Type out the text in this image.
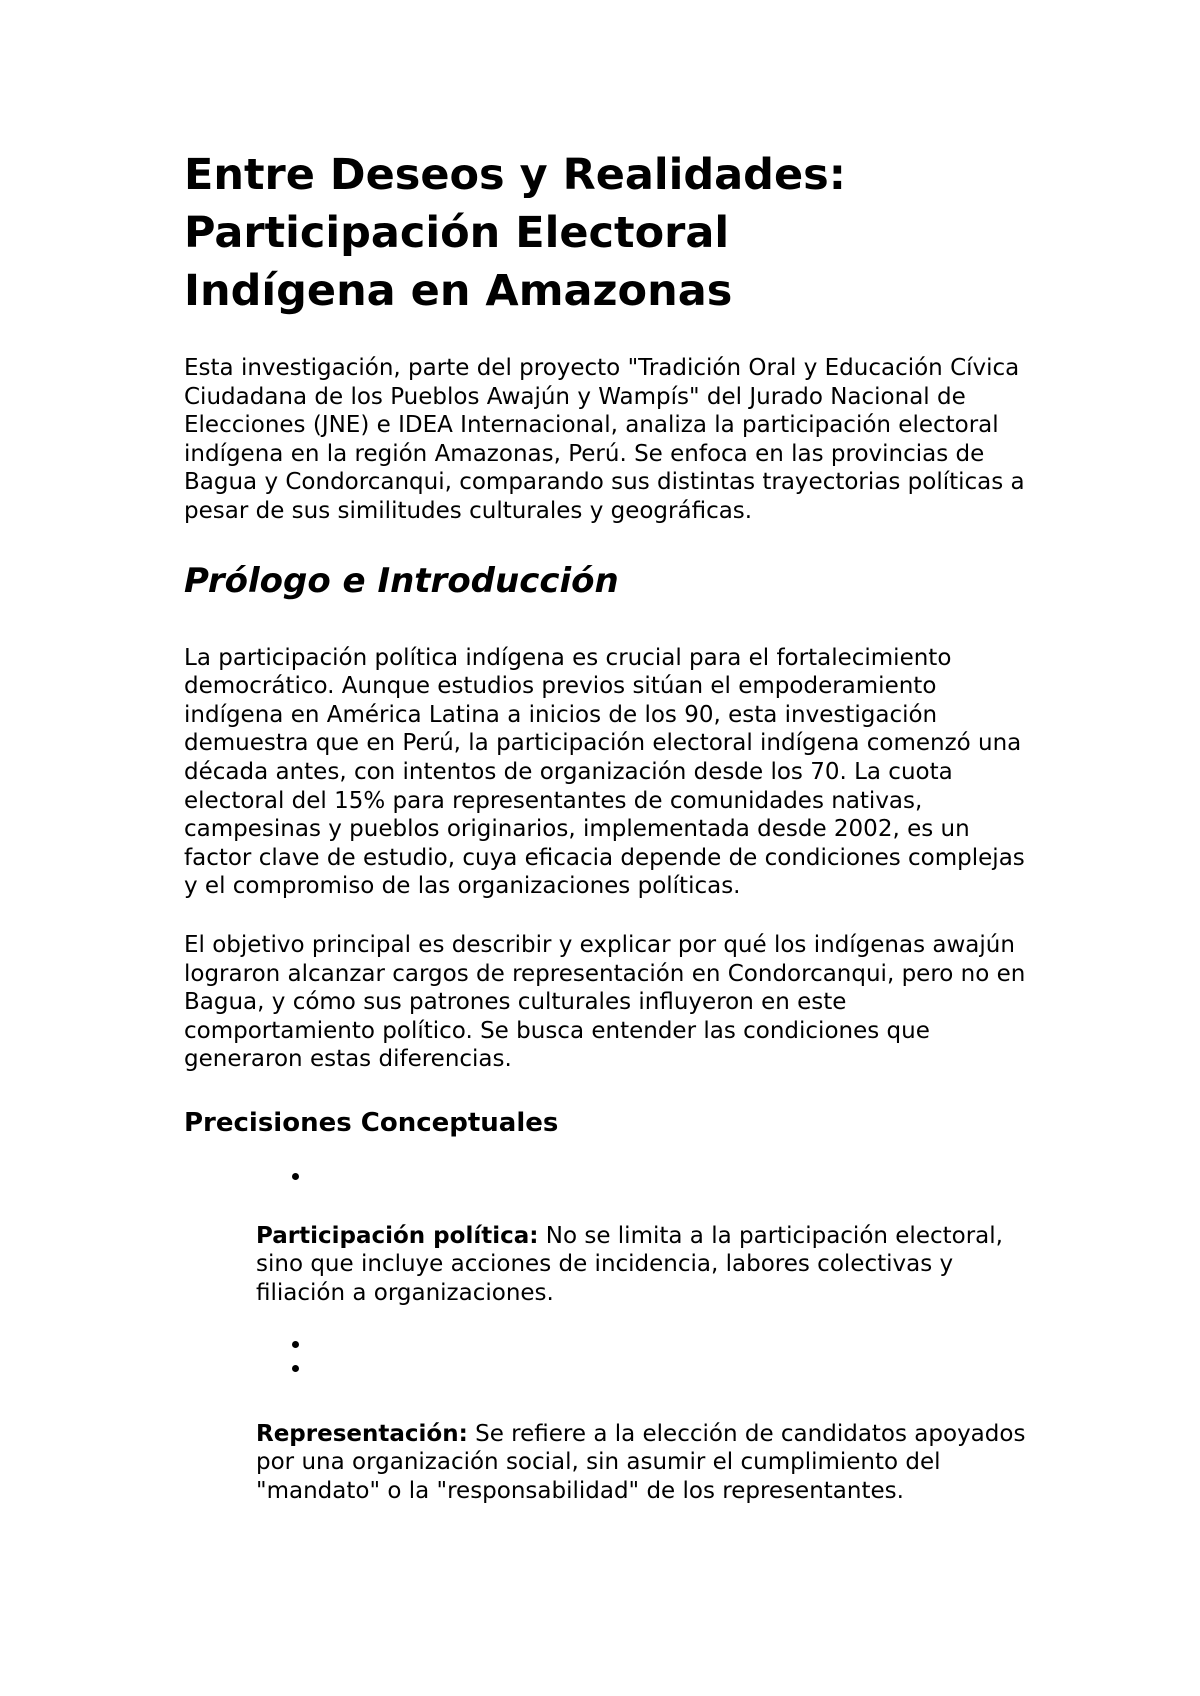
Entre Deseos y Realidades:
Participación Electoral
Indígena en Amazonas

Esta investigación, parte del proyecto "Tradición Oral y Educación Cívica Ciudadana de los Pueblos Awajún y Wampís" del Jurado Nacional de Elecciones (JNE) e IDEA Internacional, analiza la participación electoral indígena en la región Amazonas, Perú. Se enfoca en las provincias de Bagua y Condorcanqui, comparando sus distintas trayectorias políticas a pesar de sus similitudes culturales y geográficas.

Prólogo e Introducción

La participación política indígena es crucial para el fortalecimiento democrático. Aunque estudios previos sitúan el empoderamiento indígena en América Latina a inicios de los 90, esta investigación demuestra que en Perú, la participación electoral indígena comenzó una década antes, con intentos de organización desde los 70. La cuota electoral del 15% para representantes de comunidades nativas, campesinas y pueblos originarios, implementada desde 2002, es un factor clave de estudio, cuya eficacia depende de condiciones complejas y el compromiso de las organizaciones políticas.

El objetivo principal es describir y explicar por qué los indígenas awajún lograron alcanzar cargos de representación en Condorcanqui, pero no en Bagua, y cómo sus patrones culturales influyeron en este comportamiento político. Se busca entender las condiciones que generaron estas diferencias.

Precisiones Conceptuales

Participación política: No se limita a la participación electoral, sino que incluye acciones de incidencia, labores colectivas y filiación a organizaciones.

Representación: Se refiere a la elección de candidatos apoyados por una organización social, sin asumir el cumplimiento del "mandato" o la "responsabilidad" de los representantes.
